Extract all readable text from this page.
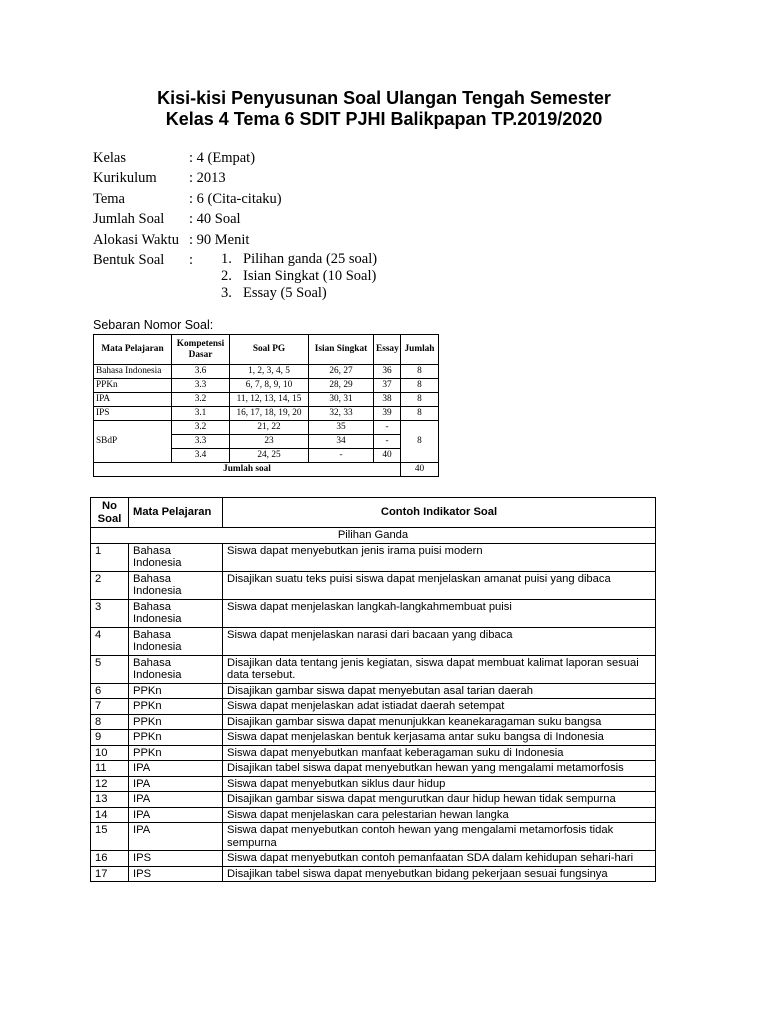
Kisi-kisi Penyusunan Soal Ulangan Tengah Semester
Kelas 4 Tema 6 SDIT PJHI Balikpapan TP.2019/2020
Kelas	: 4 (Empat)
Kurikulum : 2013
Tema	: 6 (Cita-citaku)
Jumlah Soal : 40 Soal
Alokasi Waktu : 90 Menit
Bentuk Soal : 1. Pilihan ganda (25 soal)
2. Isian Singkat (10 Soal)
3. Essay (5 Soal)
Sebaran Nomor Soal:
Mata Pelajaran	Kompetensi Dasar	Soal PG	Isian Singkat	Essay	Jumlah
Bahasa Indonesia	3.6	1, 2, 3, 4, 5	26, 27	36	8
PPKn	3.3	6, 7, 8, 9, 10	28, 29	37	8
IPA	3.2	11, 12, 13, 14, 15	30, 31	38	8
IPS	3.1	16, 17, 18, 19, 20	32, 33	39	8
SBdP	3.2	21, 22	35	-	8
	3.3	23	34	-	
	3.4	24, 25	-	40	
Jumlah soal					40
No Soal	Mata Pelajaran	Contoh Indikator Soal
Pilihan Ganda		
1	Bahasa Indonesia	Siswa dapat menyebutkan jenis irama puisi modern
2	Bahasa Indonesia	Disajikan suatu teks puisi siswa dapat menjelaskan amanat puisi yang dibaca
3	Bahasa Indonesia	Siswa dapat menjelaskan langkah-langkahmembuat puisi
4	Bahasa Indonesia	Siswa dapat menjelaskan narasi dari bacaan yang dibaca
5	Bahasa Indonesia	Disajikan data tentang jenis kegiatan, siswa dapat membuat kalimat laporan sesuai data tersebut.
6	PPKn	Disajikan gambar siswa dapat menyebutan asal tarian daerah
7	PPKn	Siswa dapat menjelaskan adat istiadat daerah setempat
8	PPKn	Disajikan gambar siswa dapat menunjukkan keanekaragaman suku bangsa
9	PPKn	Siswa dapat menjelaskan bentuk kerjasama antar suku bangsa di Indonesia
10	PPKn	Siswa dapat menyebutkan manfaat keberagaman suku di Indonesia
11	IPA	Disajikan tabel siswa dapat menyebutkan hewan yang mengalami metamorfosis
12	IPA	Siswa dapat menyebutkan siklus daur hidup
13	IPA	Disajikan gambar siswa dapat mengurutkan daur hidup hewan tidak sempurna
14	IPA	Siswa dapat menjelaskan cara pelestarian hewan langka
15	IPA	Siswa dapat menyebutkan contoh hewan yang mengalami metamorfosis tidak sempurna
16	IPS	Siswa dapat menyebutkan contoh pemanfaatan SDA dalam kehidupan sehari-hari
17	IPS	Disajikan tabel siswa dapat menyebutkan bidang pekerjaan sesuai fungsinya
